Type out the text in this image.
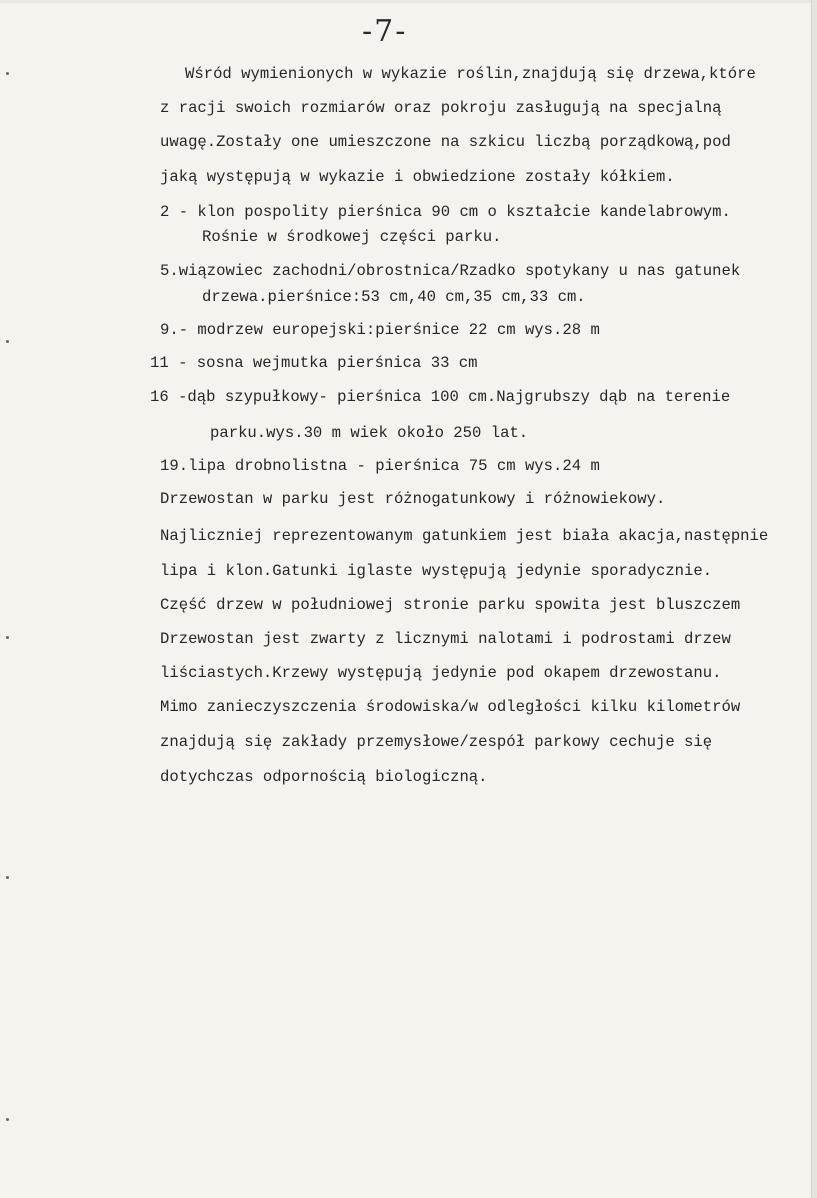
-7-
Wśród wymienionych w wykazie roślin,znajdują się drzewa,które
z racji swoich rozmiarów oraz pokroju zasługują na specjalną
uwagę.Zostały one umieszczone na szkicu liczbą porządkową,pod
jaką występują w wykazie i obwiedzione zostały kółkiem.
2 - klon pospolity pierśnica 90 cm o kształcie kandelabrowym.
Rośnie w środkowej części parku.
5.wiązowiec zachodni/obrostnica/Rzadko spotykany u nas gatunek
drzewa.pierśnice:53 cm,40 cm,35 cm,33 cm.
9.- modrzew europejski:pierśnice 22 cm wys.28 m
11 - sosna wejmutka pierśnica 33 cm
16 -dąb szypułkowy- pierśnica 100 cm.Najgrubszy dąb na terenie
parku.wys.30 m wiek około 250 lat.
19.lipa drobnolistna - pierśnica 75 cm wys.24 m
Drzewostan w parku jest różnogatunkowy i różnowiekowy.
Najliczniej reprezentowanym gatunkiem jest biała akacja,następnie
lipa i klon.Gatunki iglaste występują jedynie sporadycznie.
Część drzew w południowej stronie parku spowita jest bluszczem
Drzewostan jest zwarty z licznymi nalotami i podrostami drzew
liściastych.Krzewy występują jedynie pod okapem drzewostanu.
Mimo zanieczyszczenia środowiska/w odległości kilku kilometrów
znajdują się zakłady przemysłowe/zespół parkowy cechuje się
dotychczas odpornością biologiczną.
